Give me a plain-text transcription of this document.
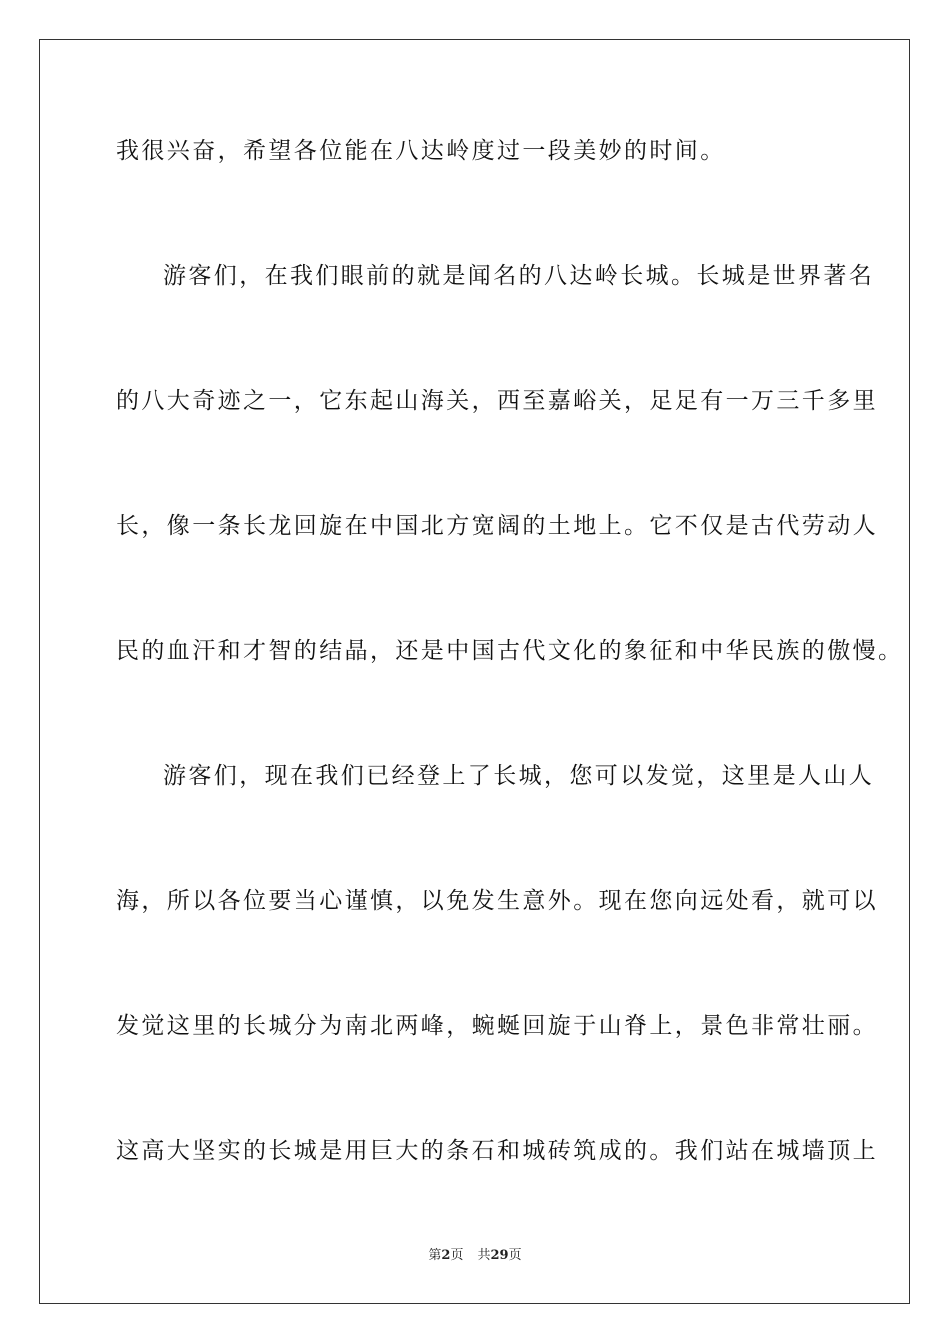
我很兴奋，希望各位能在八达岭度过一段美妙的时间。
游客们，在我们眼前的就是闻名的八达岭长城。长城是世界著名
的八大奇迹之一，它东起山海关，西至嘉峪关，足足有一万三千多里
长，像一条长龙回旋在中国北方宽阔的土地上。它不仅是古代劳动人
民的血汗和才智的结晶，还是中国古代文化的象征和中华民族的傲慢。
游客们，现在我们已经登上了长城，您可以发觉，这里是人山人
海，所以各位要当心谨慎，以免发生意外。现在您向远处看，就可以
发觉这里的长城分为南北两峰，蜿蜒回旋于山脊上，景色非常壮丽。
这高大坚实的长城是用巨大的条石和城砖筑成的。我们站在城墙顶上
第2页 共29页
